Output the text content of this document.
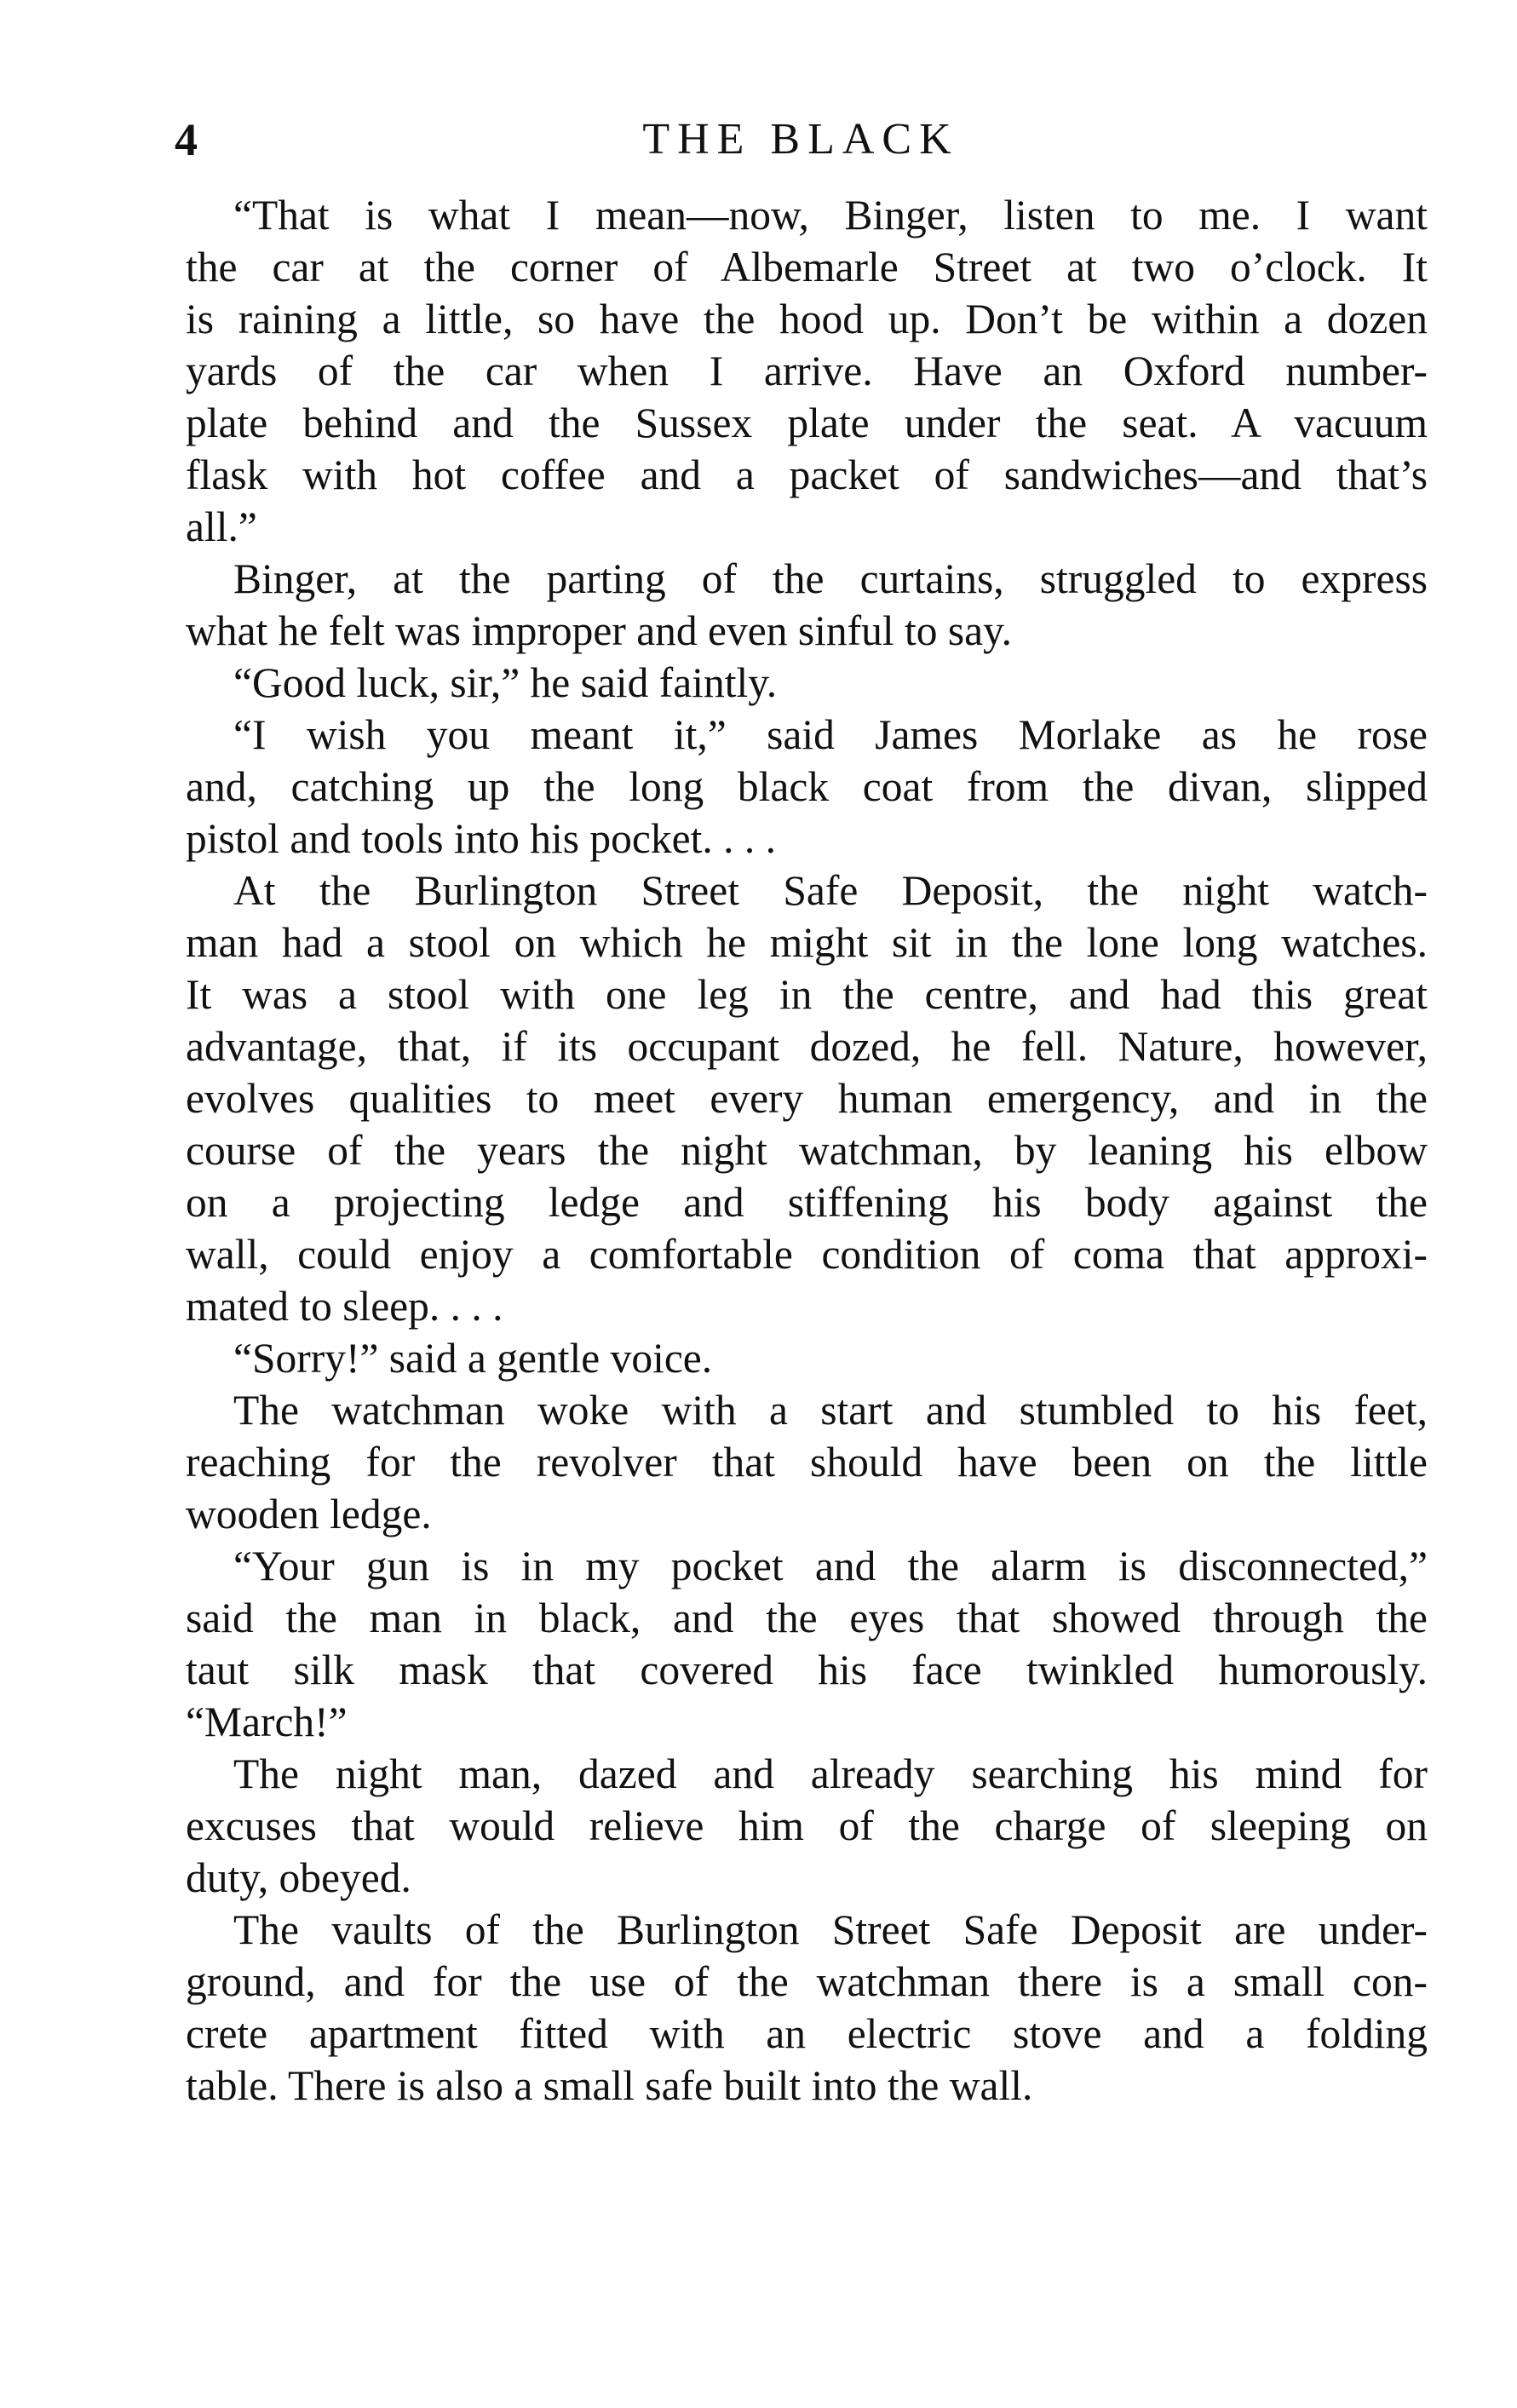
4	THE BLACK
“That is what I mean—now, Binger, listen to me. I want
the car at the corner of Albemarle Street at two o’clock. It
is raining a little, so have the hood up. Don’t be within a dozen
yards of the car when I arrive. Have an Oxford number-
plate behind and the Sussex plate under the seat. A vacuum
flask with hot coffee and a packet of sandwiches—and that’s
all.”
Binger, at the parting of the curtains, struggled to express
what he felt was improper and even sinful to say.
“Good luck, sir,” he said faintly.
“I wish you meant it,” said James Morlake as he rose
and, catching up the long black coat from the divan, slipped
pistol and tools into his pocket. . . .
At the Burlington Street Safe Deposit, the night watch-
man had a stool on which he might sit in the lone long watches.
It was a stool with one leg in the centre, and had this great
advantage, that, if its occupant dozed, he fell. Nature, however,
evolves qualities to meet every human emergency, and in the
course of the years the night watchman, by leaning his elbow
on a projecting ledge and stiffening his body against the
wall, could enjoy a comfortable condition of coma that approxi-
mated to sleep. . . .
“Sorry!” said a gentle voice.
The watchman woke with a start and stumbled to his feet,
reaching for the revolver that should have been on the little
wooden ledge.
“Your gun is in my pocket and the alarm is disconnected,”
said the man in black, and the eyes that showed through the
taut silk mask that covered his face twinkled humorously.
“March!”
The night man, dazed and already searching his mind for
excuses that would relieve him of the charge of sleeping on
duty, obeyed.
The vaults of the Burlington Street Safe Deposit are under-
ground, and for the use of the watchman there is a small con-
crete apartment fitted with an electric stove and a folding
table. There is also a small safe built into the wall.
